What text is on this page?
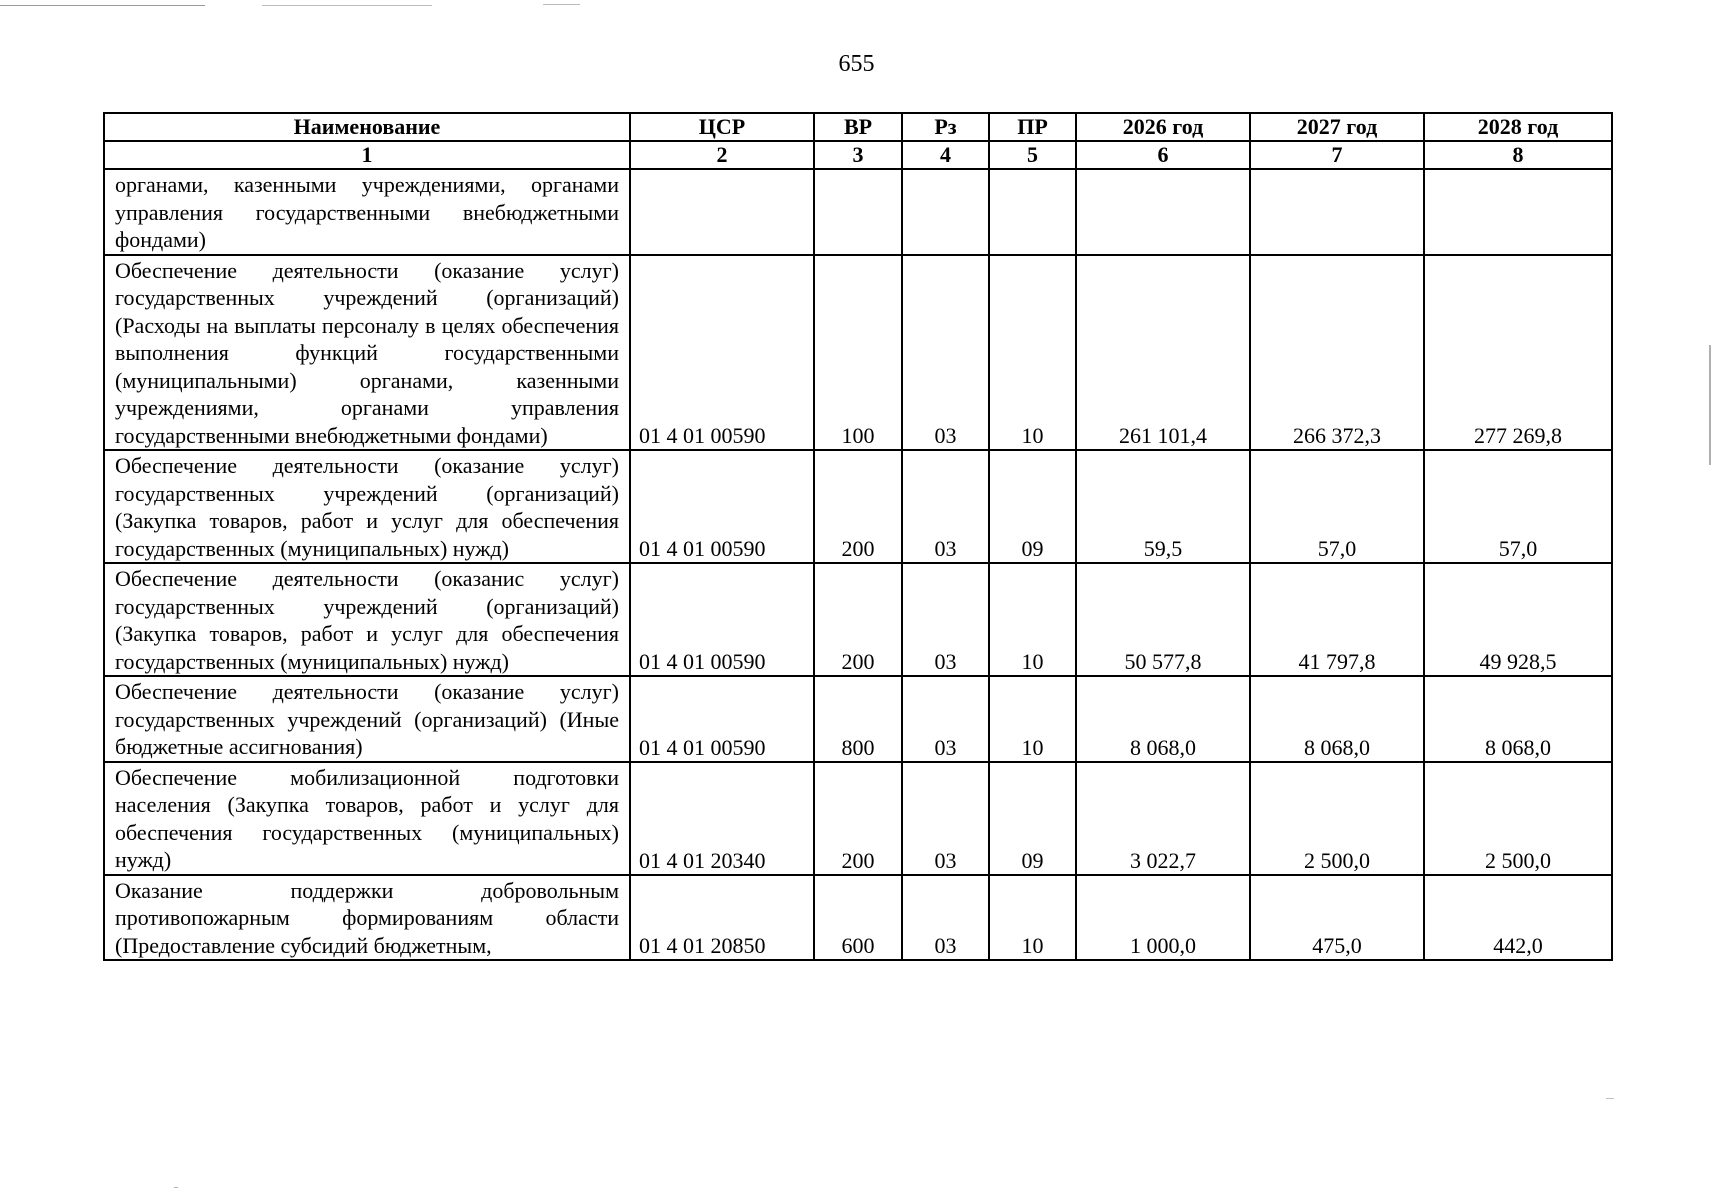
655
Наименование	ЦСР	ВР	Рз	ПР	2026 год	2027 год	2028 год
1	2	3	4	5	6	7	8
органами, казенными учреждениями, органами управления государственными внебюджетными фондами)							
Обеспечение деятельности (оказание услуг) государственных учреждений (организаций) (Расходы на выплаты персоналу в целях обеспечения выполнения функций государственными (муниципальными) органами, казенными учреждениями, органами управления государственными внебюджетными фондами)	01 4 01 00590	100	03	10	261 101,4	266 372,3	277 269,8
Обеспечение деятельности (оказание услуг) государственных учреждений (организаций) (Закупка товаров, работ и услуг для обеспечения государственных (муниципальных) нужд)	01 4 01 00590	200	03	09	59,5	57,0	57,0
Обеспечение деятельности (оказанис услуг) государственных учреждений (организаций) (Закупка товаров, работ и услуг для обеспечения государственных (муниципальных) нужд)	01 4 01 00590	200	03	10	50 577,8	41 797,8	49 928,5
Обеспечение деятельности (оказание услуг) государственных учреждений (организаций) (Иные бюджетные ассигнования)	01 4 01 00590	800	03	10	8 068,0	8 068,0	8 068,0
Обеспечение мобилизационной подготовки населения (Закупка товаров, работ и услуг для обеспечения государственных (муниципальных) нужд)	01 4 01 20340	200	03	09	3 022,7	2 500,0	2 500,0
Оказание поддержки добровольным противопожарным формированиям области (Предоставление субсидий бюджетным,	01 4 01 20850	600	03	10	1 000,0	475,0	442,0
